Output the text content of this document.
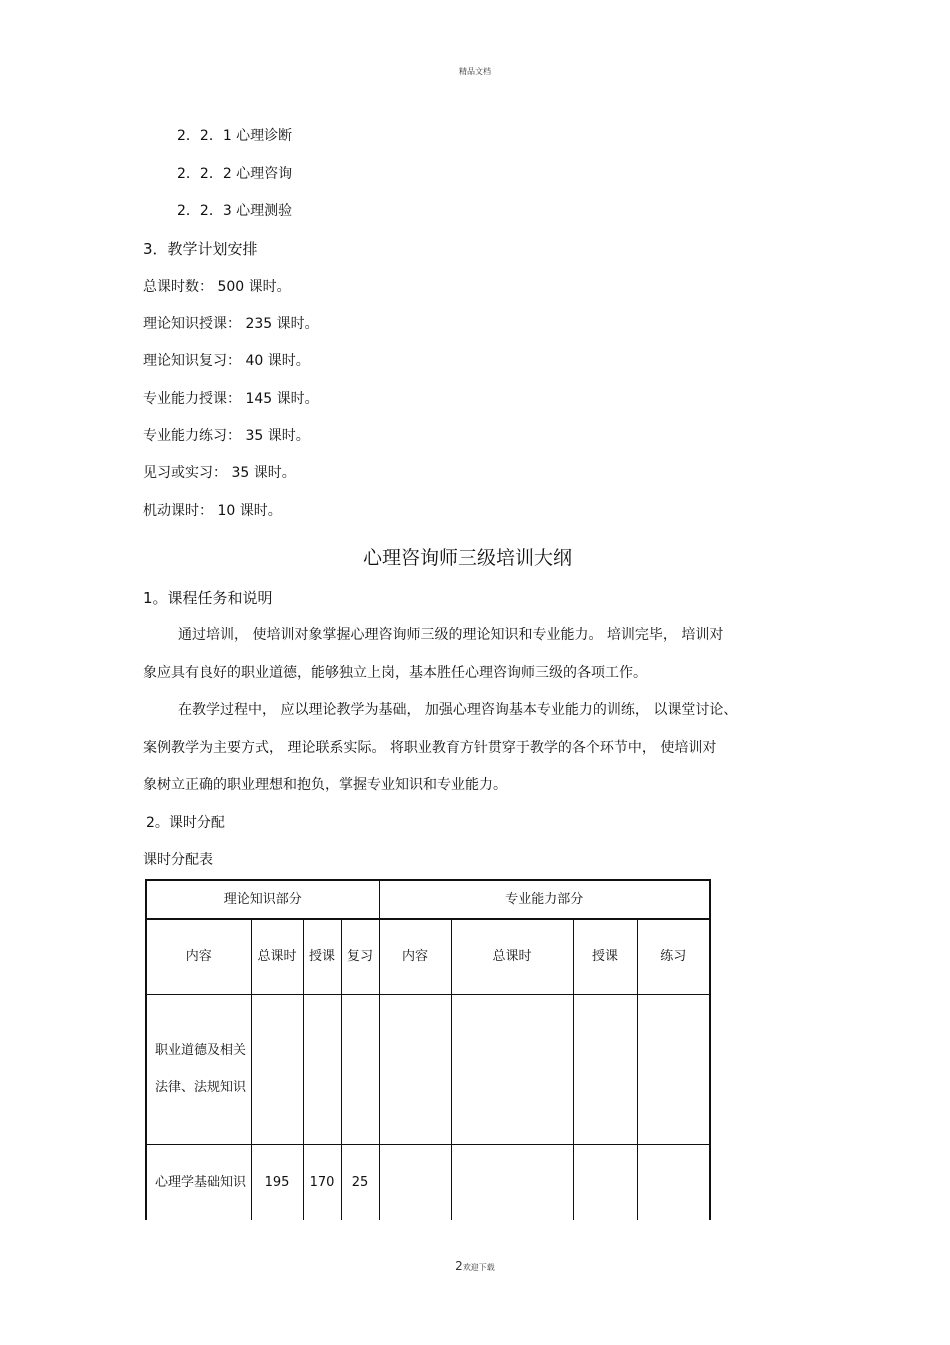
精品文档
2．2．1 心理诊断
2．2．2 心理咨询
2．2．3 心理测验
3．教学计划安排
总课时数： 500 课时。
理论知识授课： 235 课时。
理论知识复习： 40 课时。
专业能力授课： 145 课时。
专业能力练习： 35 课时。
见习或实习： 35 课时。
机动课时： 10 课时。
心理咨询师三级培训大纲
1。课程任务和说明
通过培训， 使培训对象掌握心理咨询师三级的理论知识和专业能力。 培训完毕， 培训对
象应具有良好的职业道德，能够独立上岗，基本胜任心理咨询师三级的各项工作。
在教学过程中， 应以理论教学为基础， 加强心理咨询基本专业能力的训练， 以课堂讨论、
案例教学为主要方式， 理论联系实际。 将职业教育方针贯穿于教学的各个环节中， 使培训对
象树立正确的职业理想和抱负，掌握专业知识和专业能力。
2。课时分配
课时分配表
理论知识部分				专业能力部分			
内容	总课时	授课	复习	内容	总课时	授课	练习

职业道德及相关
法律、法规知识							

心理学基础知识	195	170	25				
2欢迎下载
